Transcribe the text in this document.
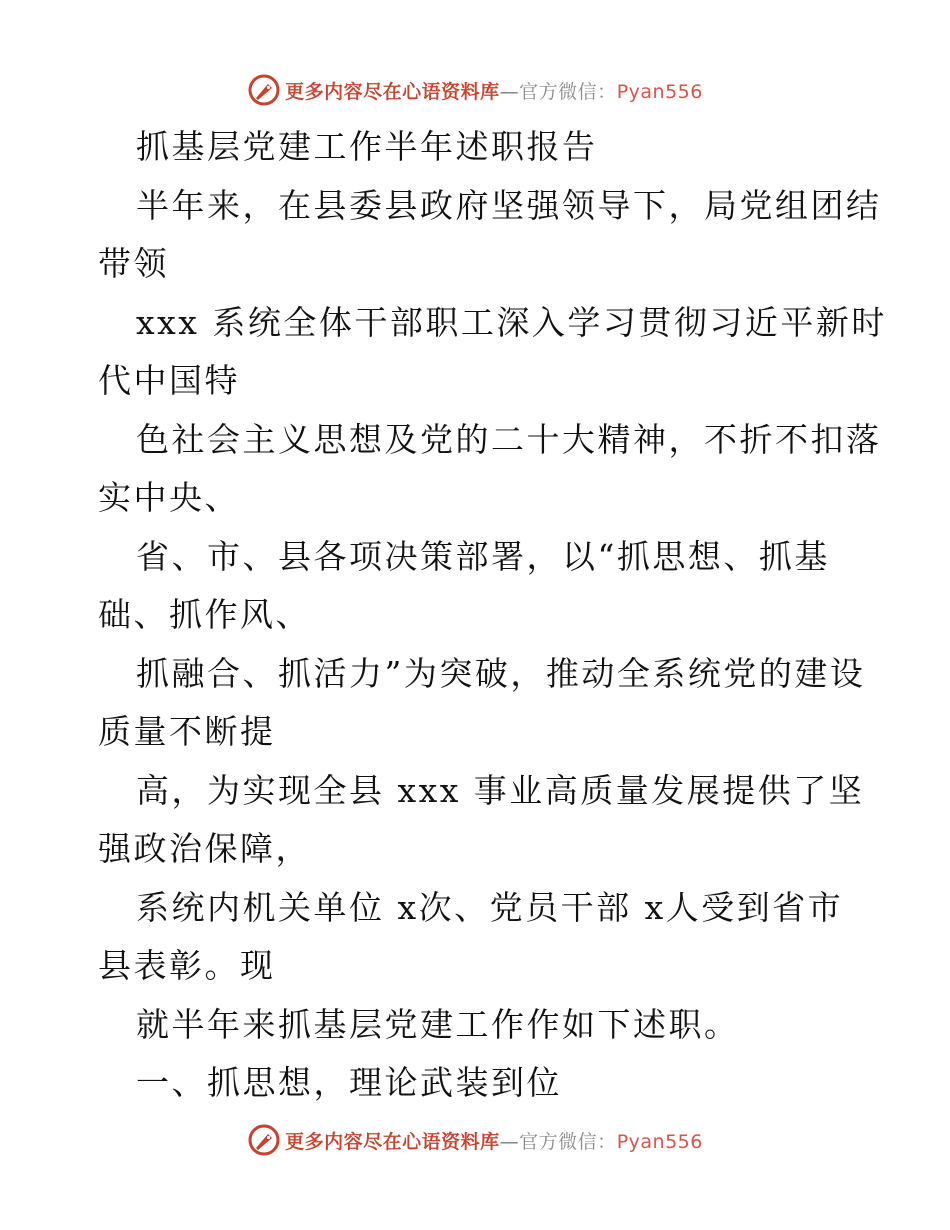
更多内容尽在心语资料库—官方微信：Pyan556
抓基层党建工作半年述职报告
半年来，在县委县政府坚强领导下，局党组团结
带领
xxx 系统全体干部职工深入学习贯彻习近平新时
代中国特
色社会主义思想及党的二十大精神，不折不扣落
实中央、
省、市、县各项决策部署，以“抓思想、抓基
础、抓作风、
抓融合、抓活力”为突破，推动全系统党的建设
质量不断提
高，为实现全县 xxx 事业高质量发展提供了坚
强政治保障，
系统内机关单位 x次、党员干部 x人受到省市
县表彰。现
就半年来抓基层党建工作作如下述职。
一、抓思想，理论武装到位
更多内容尽在心语资料库—官方微信：Pyan556
